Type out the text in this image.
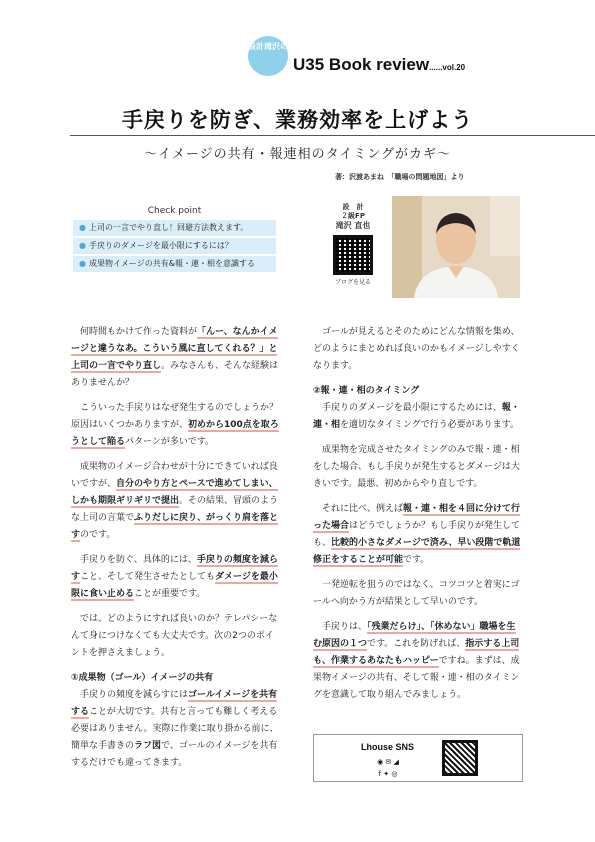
設計滝沢の
U35 Book review......vol.20
手戻りを防ぎ、業務効率を上げよう
〜イメージの共有・報連相のタイミングがカギ〜
著：沢渡あまね　「職場の問題地図」より
Check point
● 上司の一言でやり直し！回避方法教えます。
● 手戻りのダメージを最小限にするには？
● 成果物イメージの共有&報・連・相を意識する
設　計
２級FP
滝沢 直也
ブログを見る

何時間もかけて作った資料が「んー、なんかイメージと違うなあ。こういう風に直してくれる？」と上司の一言でやり直し。みなさんも、そんな経験はありませんか？

こういった手戻りはなぜ発生するのでしょうか？原因はいくつかありますが、初めから100点を取ろうとして陥るパターンが多いです。

成果物のイメージ合わせが十分にできていれば良いですが、自分のやり方とペースで進めてしまい、しかも期限ギリギリで提出。その結果、冒頭のような上司の言葉でふりだしに戻り、がっくり肩を落とすのです。

手戻りを防ぐ、具体的には、手戻りの頻度を減らすこと、そして発生させたとしてもダメージを最小限に食い止めることが重要です。

では、どのようにすれば良いのか？テレパシーなんて身につけなくても大丈夫です。次の2つのポイントを押さえましょう。

①成果物（ゴール）イメージの共有

手戻りの頻度を減らすにはゴールイメージを共有することが大切です。共有と言っても難しく考える必要はありません。実際に作業に取り掛かる前に、簡単な手書きのラフ図で、ゴールのイメージを共有するだけでも違ってきます。

ゴールが見えるとそのためにどんな情報を集め、どのようにまとめれば良いのかもイメージしやすくなります。

②報・連・相のタイミング

手戻りのダメージを最小限にするためには、報・連・相を適切なタイミングで行う必要があります。

成果物を完成させたタイミングのみで報・連・相をした場合、もし手戻りが発生するとダメージは大きいです。最悪、初めからやり直しです。

それに比べ、例えば報・連・相を４回に分けて行った場合はどうでしょうか？もし手戻りが発生しても、比較的小さなダメージで済み、早い段階で軌道修正をすることが可能です。

一発逆転を狙うのではなく、コツコツと着実にゴールへ向かう方が結果として早いのです。

手戻りは、「残業だらけ」、「休めない」職場を生む原因の１つです。これを防げれば、指示する上司も、作業するあなたもハッピーですね。まずは、成果物イメージの共有、そして報・連・相のタイミングを意識して取り組んでみましょう。

Lhouse SNS
◉ ✉ ◢
f ✦ ◎
